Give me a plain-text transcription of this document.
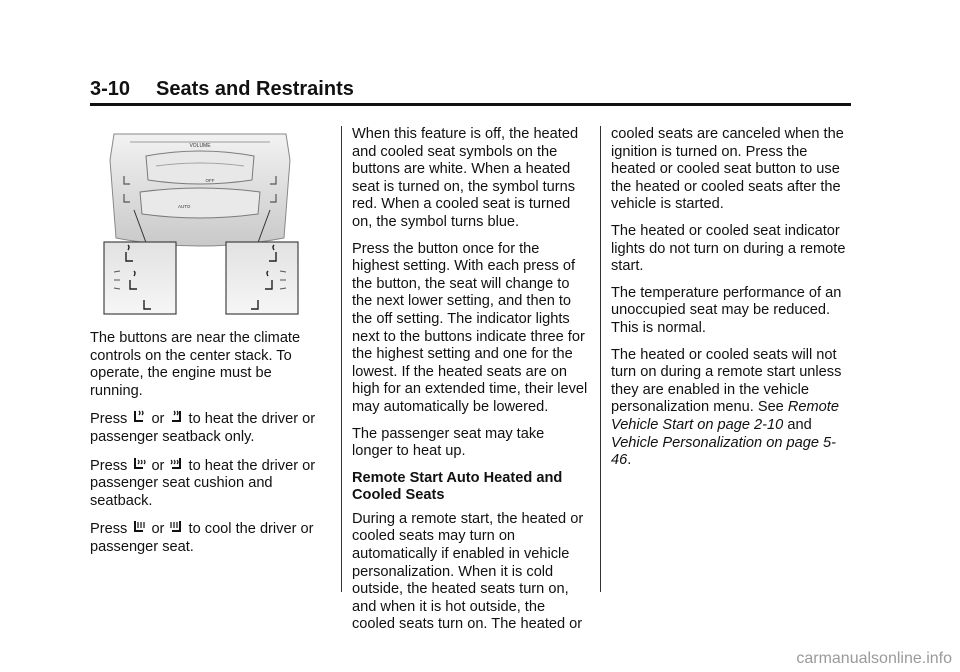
3-10 Seats and Restraints
VOLUME
OFF
AUTO

The buttons are near the climate controls on the center stack. To operate, the engine must be running.

Press or to heat the driver or passenger seatback only.

Press or to heat the driver or passenger seat cushion and seatback.

Press or to cool the driver or passenger seat.

When this feature is off, the heated and cooled seat symbols on the buttons are white. When a heated seat is turned on, the symbol turns red. When a cooled seat is turned on, the symbol turns blue.

Press the button once for the highest setting. With each press of the button, the seat will change to the next lower setting, and then to the off setting. The indicator lights next to the buttons indicate three for the highest setting and one for the lowest. If the heated seats are on high for an extended time, their level may automatically be lowered.

The passenger seat may take longer to heat up.

Remote Start Auto Heated and Cooled Seats

During a remote start, the heated or cooled seats may turn on automatically if enabled in vehicle personalization. When it is cold outside, the heated seats turn on, and when it is hot outside, the cooled seats turn on. The heated or

cooled seats are canceled when the ignition is turned on. Press the heated or cooled seat button to use the heated or cooled seats after the vehicle is started.

The heated or cooled seat indicator lights do not turn on during a remote start.

The temperature performance of an unoccupied seat may be reduced. This is normal.

The heated or cooled seats will not turn on during a remote start unless they are enabled in the vehicle personalization menu. See Remote Vehicle Start on page 2-10 and Vehicle Personalization on page 5-46.

carmanualsonline.info
